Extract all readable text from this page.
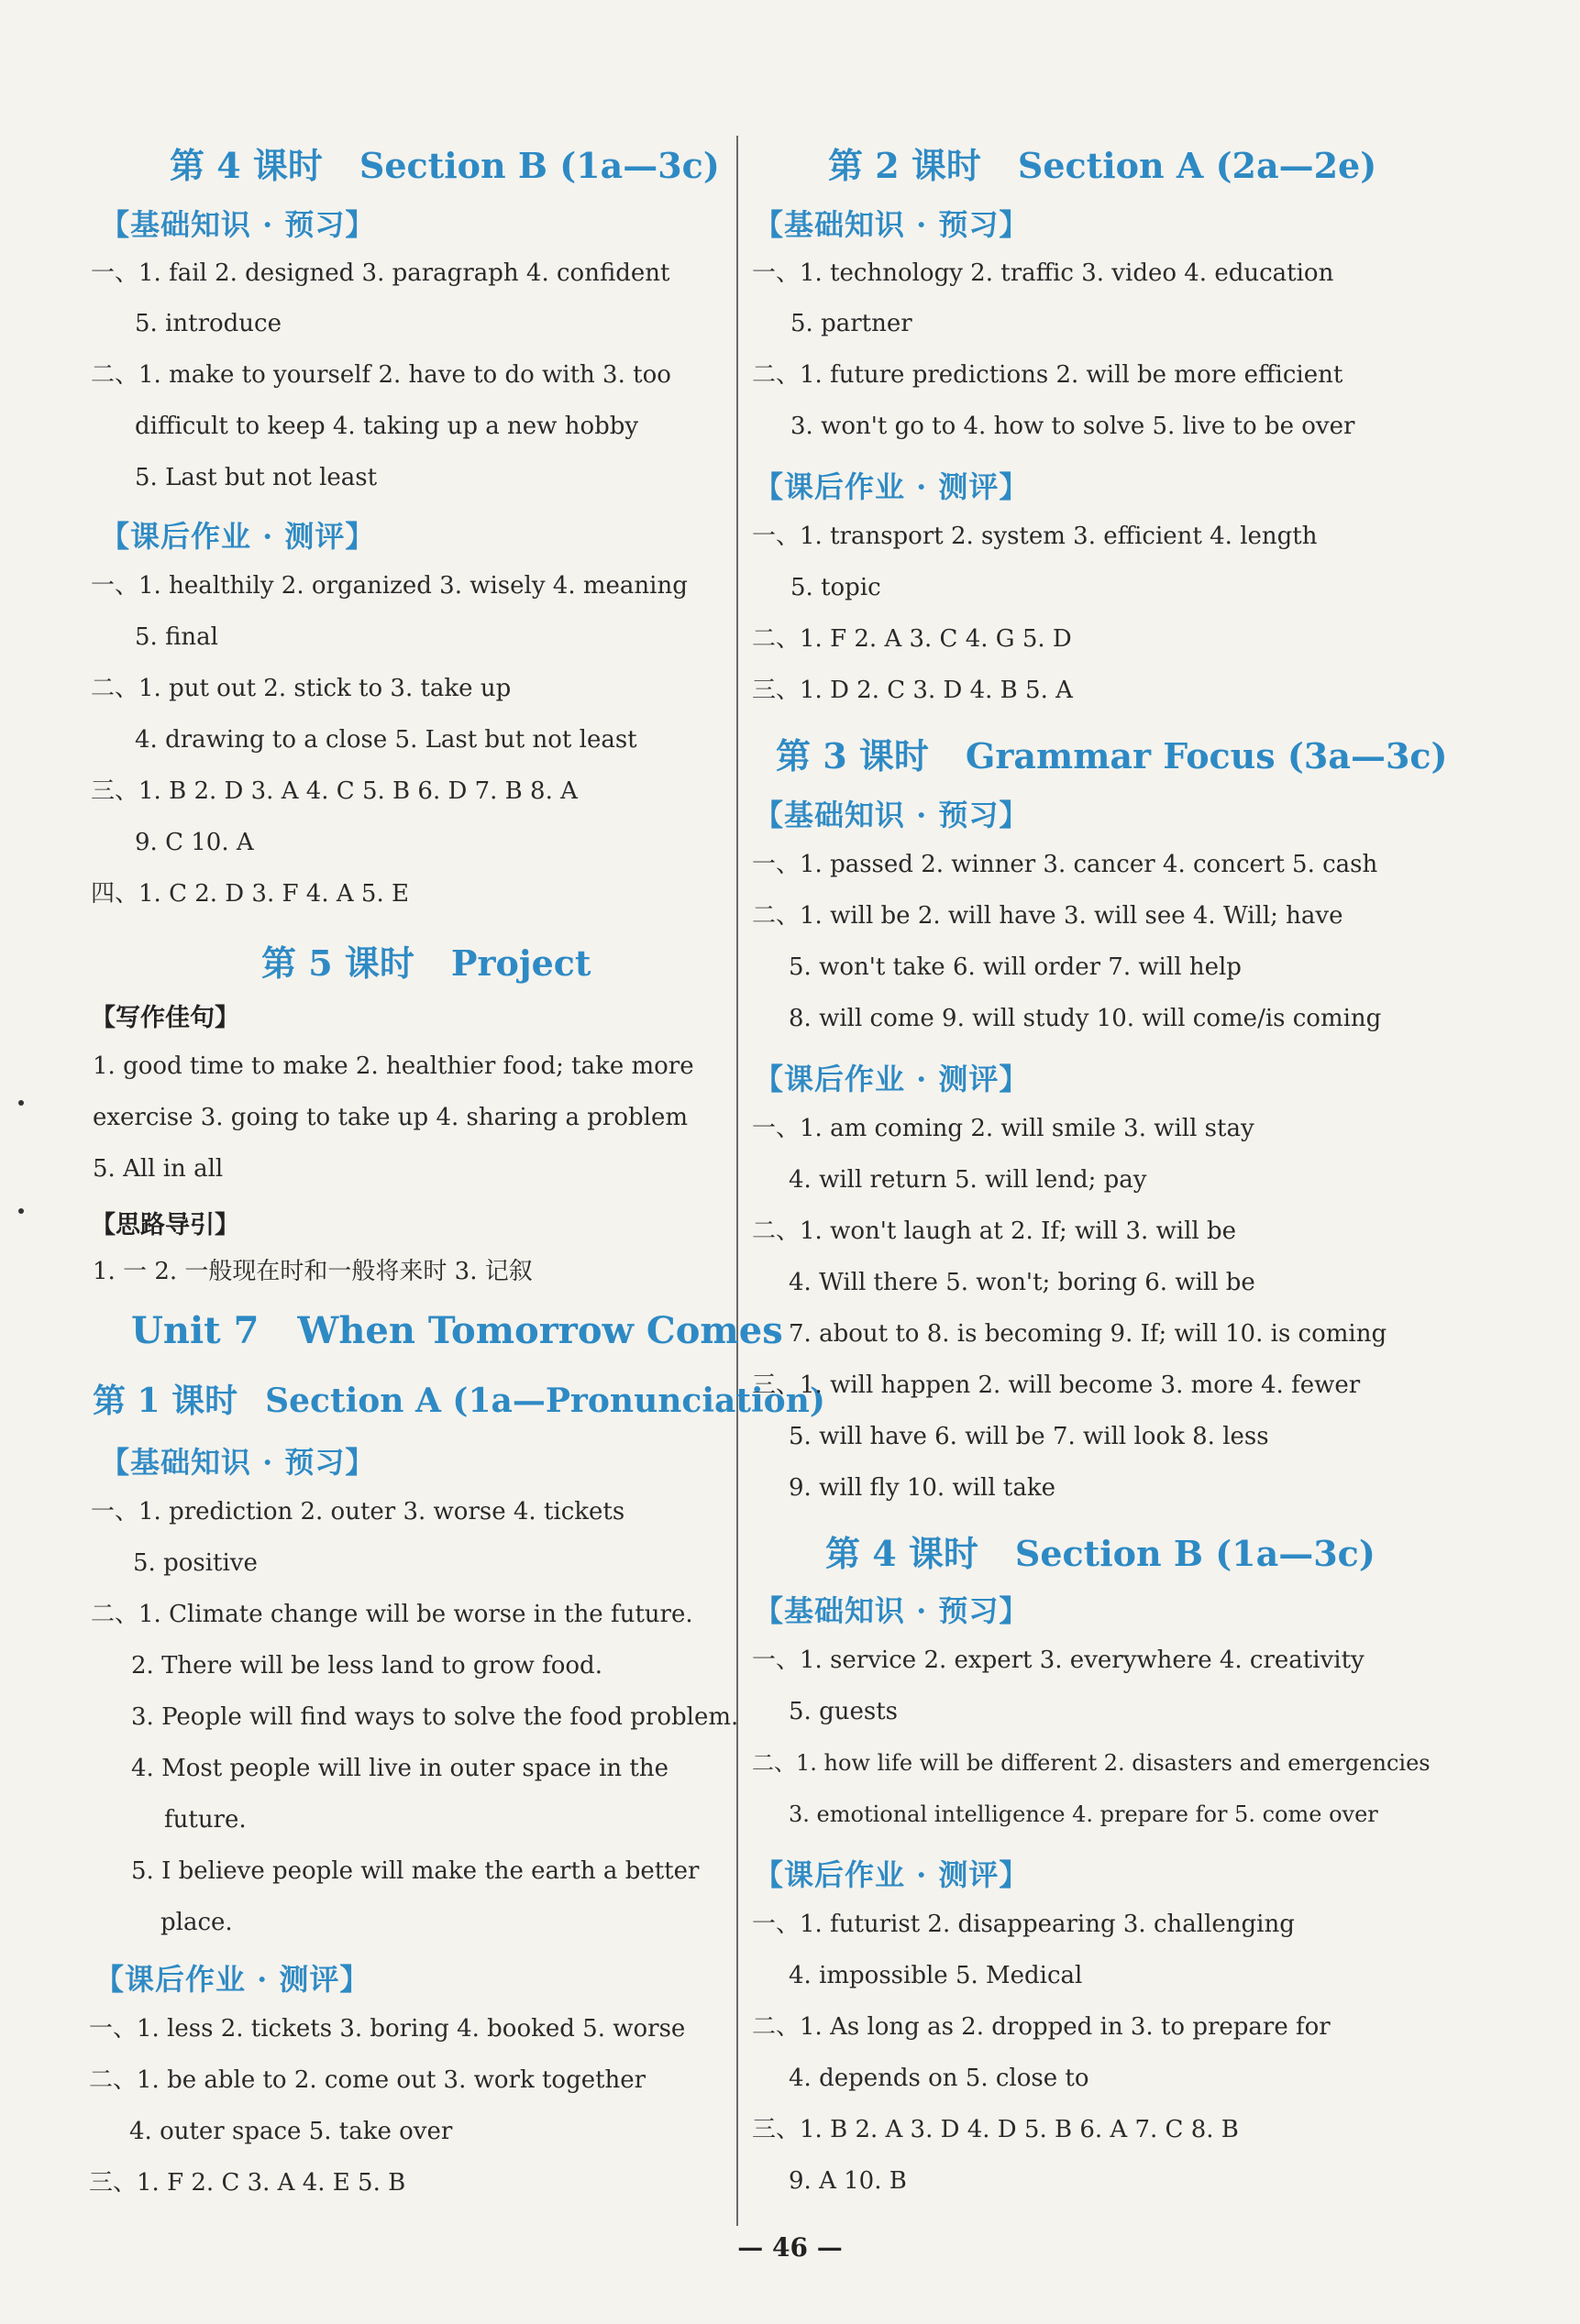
第 4 课时 Section B (1a—3c)
【基础知识 · 预习】
一、1. fail 2. designed 3. paragraph 4. confident
5. introduce
二、1. make to yourself 2. have to do with 3. too
difficult to keep 4. taking up a new hobby
5. Last but not least
【课后作业 · 测评】
一、1. healthily 2. organized 3. wisely 4. meaning
5. final
二、1. put out 2. stick to 3. take up
4. drawing to a close 5. Last but not least
三、1. B 2. D 3. A 4. C 5. B 6. D 7. B 8. A
9. C 10. A
四、1. C 2. D 3. F 4. A 5. E
第 5 课时 Project
【写作佳句】
1. good time to make 2. healthier food; take more
exercise 3. going to take up 4. sharing a problem
5. All in all
【思路导引】
1. 一 2. 一般现在时和一般将来时 3. 记叙
Unit 7 When Tomorrow Comes
第 1 课时 Section A (1a—Pronunciation)
【基础知识 · 预习】
一、1. prediction 2. outer 3. worse 4. tickets
5. positive
二、1. Climate change will be worse in the future.
2. There will be less land to grow food.
3. People will find ways to solve the food problem.
4. Most people will live in outer space in the
future.
5. I believe people will make the earth a better
place.
【课后作业 · 测评】
一、1. less 2. tickets 3. boring 4. booked 5. worse
二、1. be able to 2. come out 3. work together
4. outer space 5. take over
三、1. F 2. C 3. A 4. E 5. B
第 2 课时 Section A (2a—2e)
【基础知识 · 预习】
一、1. technology 2. traffic 3. video 4. education
5. partner
二、1. future predictions 2. will be more efficient
3. won't go to 4. how to solve 5. live to be over
【课后作业 · 测评】
一、1. transport 2. system 3. efficient 4. length
5. topic
二、1. F 2. A 3. C 4. G 5. D
三、1. D 2. C 3. D 4. B 5. A
第 3 课时 Grammar Focus (3a—3c)
【基础知识 · 预习】
一、1. passed 2. winner 3. cancer 4. concert 5. cash
二、1. will be 2. will have 3. will see 4. Will; have
5. won't take 6. will order 7. will help
8. will come 9. will study 10. will come/is coming
【课后作业 · 测评】
一、1. am coming 2. will smile 3. will stay
4. will return 5. will lend; pay
二、1. won't laugh at 2. If; will 3. will be
4. Will there 5. won't; boring 6. will be
7. about to 8. is becoming 9. If; will 10. is coming
三、1. will happen 2. will become 3. more 4. fewer
5. will have 6. will be 7. will look 8. less
9. will fly 10. will take
第 4 课时 Section B (1a—3c)
【基础知识 · 预习】
一、1. service 2. expert 3. everywhere 4. creativity
5. guests
二、1. how life will be different 2. disasters and emergencies
3. emotional intelligence 4. prepare for 5. come over
【课后作业 · 测评】
一、1. futurist 2. disappearing 3. challenging
4. impossible 5. Medical
二、1. As long as 2. dropped in 3. to prepare for
4. depends on 5. close to
三、1. B 2. A 3. D 4. D 5. B 6. A 7. C 8. B
9. A 10. B
— 46 —
